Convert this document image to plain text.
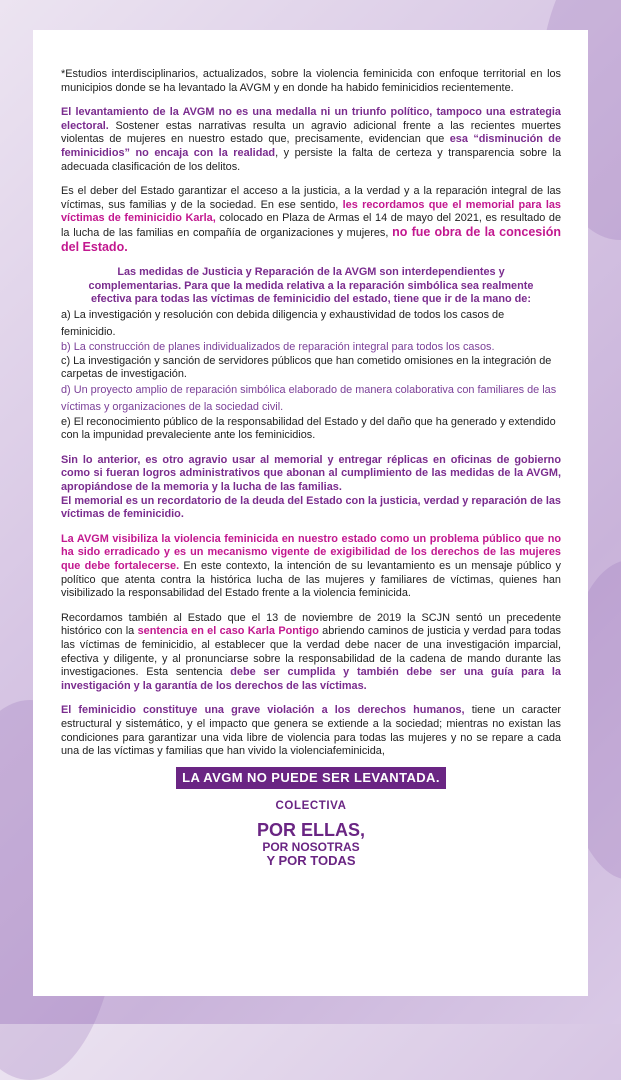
*Estudios interdisciplinarios, actualizados, sobre la violencia feminicida con enfoque territorial en los municipios donde se ha levantado la AVGM y en donde ha habido feminicidios recientemente.

El levantamiento de la AVGM no es una medalla ni un triunfo político, tampoco una estrategia electoral. Sostener estas narrativas resulta un agravio adicional frente a las recientes muertes violentas de mujeres en nuestro estado que, precisamente, evidencian que esa “disminución de feminicidios” no encaja con la realidad, y persiste la falta de certeza y transparencia sobre la adecuada clasificación de los delitos.

Es el deber del Estado garantizar el acceso a la justicia, a la verdad y a la reparación integral de las víctimas, sus familias y de la sociedad. En ese sentido, les recordamos que el memorial para las víctimas de feminicidio Karla, colocado en Plaza de Armas el 14 de mayo del 2021, es resultado de la lucha de las familias en compañía de organizaciones y mujeres, no fue obra de la concesión del Estado.

Las medidas de Justicia y Reparación de la AVGM son interdependientes y complementarias. Para que la medida relativa a la reparación simbólica sea realmente efectiva para todas las víctimas de feminicidio del estado, tiene que ir de la mano de:

a) La investigación y resolución con debida diligencia y exhaustividad de todos los casos de feminicidio.

b) La construcción de planes individualizados de reparación integral para todos los casos.

c) La investigación y sanción de servidores públicos que han cometido omisiones en la integración de carpetas de investigación.

d) Un proyecto amplio de reparación simbólica elaborado de manera colaborativa con familiares de las víctimas y organizaciones de la sociedad civil.

e) El reconocimiento público de la responsabilidad del Estado y del daño que ha generado y extendido con la impunidad prevaleciente ante los feminicidios.

Sin lo anterior, es otro agravio usar al memorial y entregar réplicas en oficinas de gobierno como si fueran logros administrativos que abonan al cumplimiento de las medidas de la AVGM, apropiándose de la memoria y la lucha de las familias.

El memorial es un recordatorio de la deuda del Estado con la justicia, verdad y reparación de las víctimas de feminicidio.

La AVGM visibiliza la violencia feminicida en nuestro estado como un problema público que no ha sido erradicado y es un mecanismo vigente de exigibilidad de los derechos de las mujeres que debe fortalecerse. En este contexto, la intención de su levantamiento es un mensaje público y político que atenta contra la histórica lucha de las mujeres y familiares de víctimas, quienes han visibilizado la responsabilidad del Estado frente a la violencia feminicida.

Recordamos también al Estado que el 13 de noviembre de 2019 la SCJN sentó un precedente histórico con la sentencia en el caso Karla Pontigo abriendo caminos de justicia y verdad para todas las víctimas de feminicidio, al establecer que la verdad debe nacer de una investigación imparcial, efectiva y diligente, y al pronunciarse sobre la responsabilidad de la cadena de mando durante las investigaciones. Esta sentencia debe ser cumplida y también debe ser una guía para la investigación y la garantía de los derechos de las víctimas.

El feminicidio constituye una grave violación a los derechos humanos, tiene un caracter estructural y sistemático, y el impacto que genera se extiende a la sociedad; mientras no existan las condiciones para garantizar una vida libre de violencia para todas las mujeres y no se repare a cada una de las víctimas y familias que han vivido la violenciafeminicida,

LA AVGM NO PUEDE SER LEVANTADA.
COLECTIVA
POR ELLAS,
POR NOSOTRAS
Y POR TODAS
